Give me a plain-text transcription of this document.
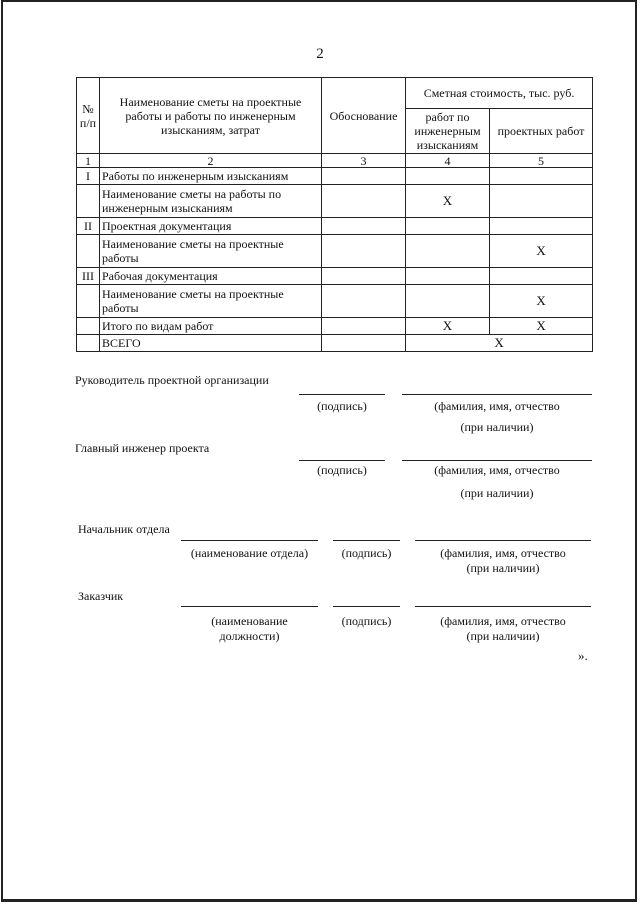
2
№ п/п	Наименование сметы на проектные работы и работы по инженерным изысканиям, затрат	Обоснование	Сметная стоимость, тыс. руб.	
			работ по инженерным изысканиям	проектных работ
1	2	3	4	5
I	Работы по инженерным изысканиям			
	Наименование сметы на работы по инженерным изысканиям		Х	
II	Проектная документация			
	Наименование сметы на проектные работы			Х
III	Рабочая документация			
	Наименование сметы на проектные работы			Х
	Итого по видам работ		Х	Х
	ВСЕГО		Х	
Руководитель проектной организации
(подпись)	(фамилия, имя, отчество
(при наличии)
Главный инженер проекта
(подпись)	(фамилия, имя, отчество
(при наличии)
Начальник отдела
(наименование отдела)	(подпись)	(фамилия, имя, отчество
(при наличии)
Заказчик
(наименование
должности)
(подпись)	(фамилия, имя, отчество
(при наличии)
».
